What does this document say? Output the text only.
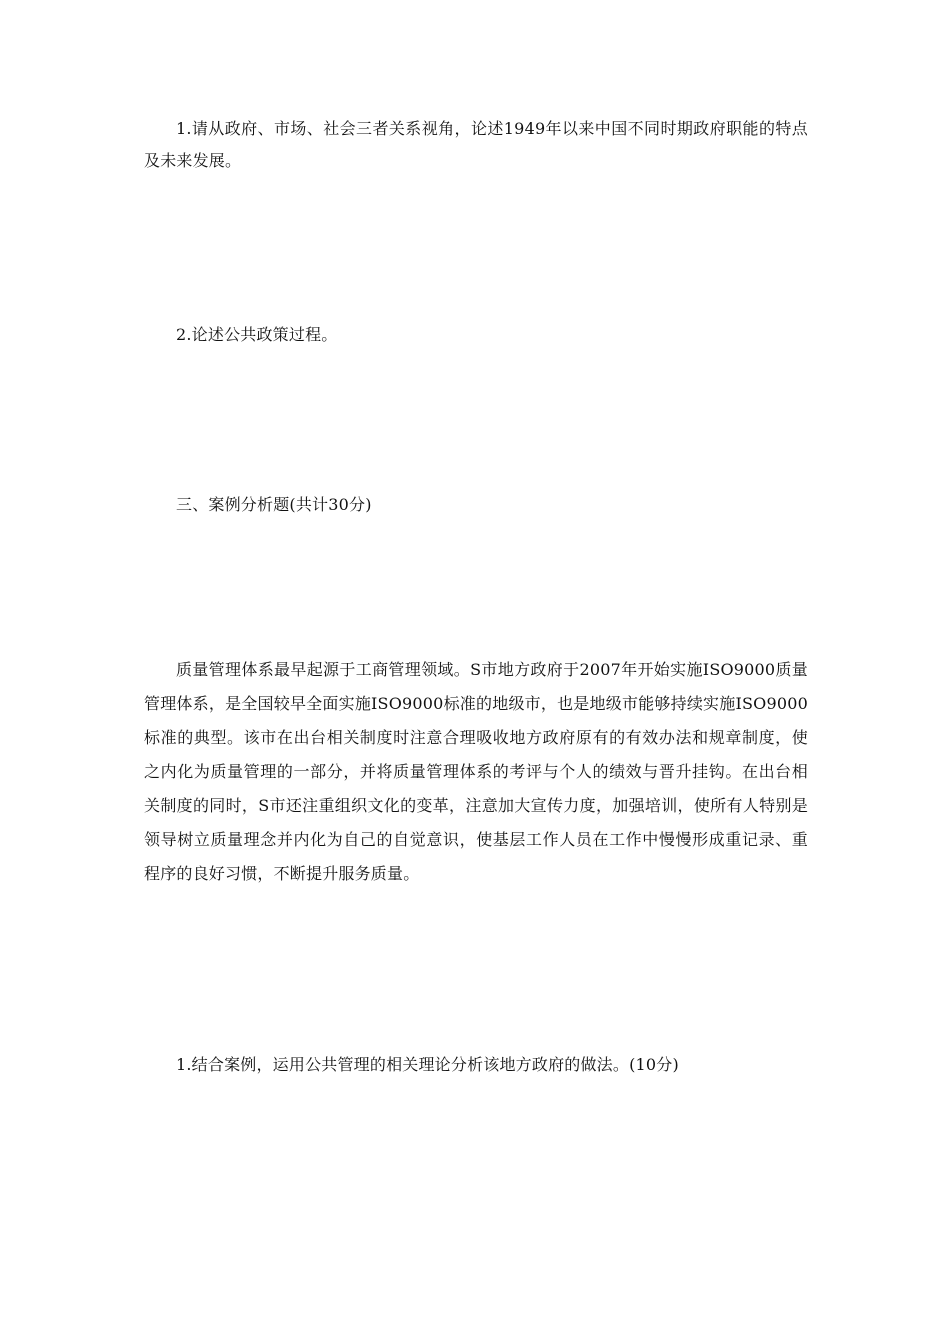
1.请从政府、市场、社会三者关系视角，论述1949年以来中国不同时期政府职能的特点及未来发展。

2.论述公共政策过程。

三、案例分析题(共计30分)

质量管理体系最早起源于工商管理领域。S市地方政府于2007年开始实施ISO9000质量管理体系，是全国较早全面实施ISO9000标准的地级市，也是地级市能够持续实施ISO9000标准的典型。该市在出台相关制度时注意合理吸收地方政府原有的有效办法和规章制度，使之内化为质量管理的一部分，并将质量管理体系的考评与个人的绩效与晋升挂钩。在出台相关制度的同时，S市还注重组织文化的变革，注意加大宣传力度，加强培训，使所有人特别是领导树立质量理念并内化为自己的自觉意识，使基层工作人员在工作中慢慢形成重记录、重程序的良好习惯，不断提升服务质量。

1.结合案例，运用公共管理的相关理论分析该地方政府的做法。(10分)
